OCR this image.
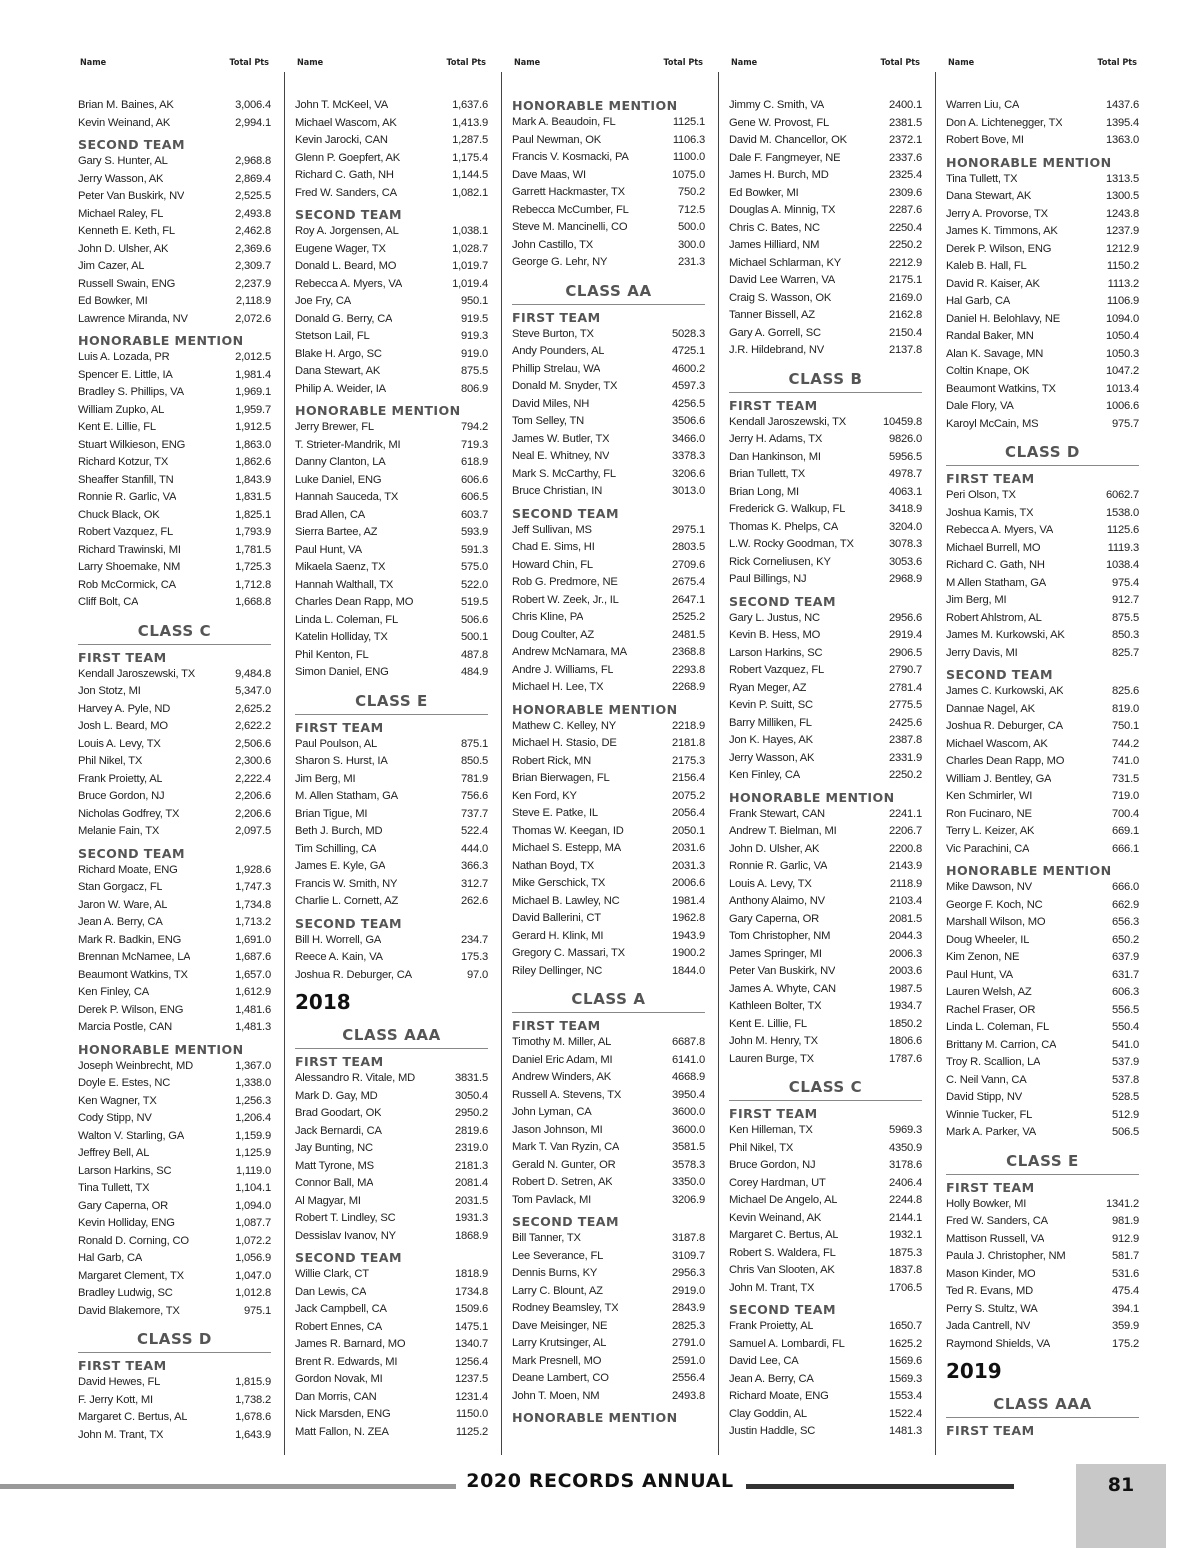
Name	Total Pts
Brian M. Baines, AK	3,006.4
Kevin Weinand, AK	2,994.1
SECOND TEAM
Gary S. Hunter, AL	2,968.8
Jerry Wasson, AK	2,869.4
Peter Van Buskirk, NV	2,525.5
Michael Raley, FL	2,493.8
Kenneth E. Keth, FL	2,462.8
John D. Ulsher, AK	2,369.6
Jim Cazer, AL	2,309.7
Russell Swain, ENG	2,237.9
Ed Bowker, MI	2,118.9
Lawrence Miranda, NV	2,072.6
HONORABLE MENTION
Luis A. Lozada, PR	2,012.5
Spencer E. Little, IA	1,981.4
Bradley S. Phillips, VA	1,969.1
William Zupko, AL	1,959.7
Kent E. Lillie, FL	1,912.5
Stuart Wilkieson, ENG	1,863.0
Richard Kotzur, TX	1,862.6
Sheaffer Stanfill, TN	1,843.9
Ronnie R. Garlic, VA	1,831.5
Chuck Black, OK	1,825.1
Robert Vazquez, FL	1,793.9
Richard Trawinski, MI	1,781.5
Larry Shoemake, NM	1,725.3
Rob McCormick, CA	1,712.8
Cliff Bolt, CA	1,668.8
CLASS C
FIRST TEAM
Kendall Jaroszewski, TX	9,484.8
Jon Stotz, MI	5,347.0
Harvey A. Pyle, ND	2,625.2
Josh L. Beard, MO	2,622.2
Louis A. Levy, TX	2,506.6
Phil Nikel, TX	2,300.6
Frank Proietty, AL	2,222.4
Bruce Gordon, NJ	2,206.6
Nicholas Godfrey, TX	2,206.6
Melanie Fain, TX	2,097.5
SECOND TEAM
Richard Moate, ENG	1,928.6
Stan Gorgacz, FL	1,747.3
Jaron W. Ware, AL	1,734.8
Jean A. Berry, CA	1,713.2
Mark R. Badkin, ENG	1,691.0
Brennan McNamee, LA	1,687.6
Beaumont Watkins, TX	1,657.0
Ken Finley, CA	1,612.9
Derek P. Wilson, ENG	1,481.6
Marcia Postle, CAN	1,481.3
HONORABLE MENTION
Joseph Weinbrecht, MD	1,367.0
Doyle E. Estes, NC	1,338.0
Ken Wagner, TX	1,256.3
Cody Stipp, NV	1,206.4
Walton V. Starling, GA	1,159.9
Jeffrey Bell, AL	1,125.9
Larson Harkins, SC	1,119.0
Tina Tullett, TX	1,104.1
Gary Caperna, OR	1,094.0
Kevin Holliday, ENG	1,087.7
Ronald D. Corning, CO	1,072.2
Hal Garb, CA	1,056.9
Margaret Clement, TX	1,047.0
Bradley Ludwig, SC	1,012.8
David Blakemore, TX	975.1
CLASS D
FIRST TEAM
David Hewes, FL	1,815.9
F. Jerry Kott, MI	1,738.2
Margaret C. Bertus, AL	1,678.6
John M. Trant, TX	1,643.9
Name	Total Pts
John T. McKeel, VA	1,637.6
Michael Wascom, AK	1,413.9
Kevin Jarocki, CAN	1,287.5
Glenn P. Goepfert, AK	1,175.4
Richard C. Gath, NH	1,144.5
Fred W. Sanders, CA	1,082.1
SECOND TEAM
Roy A. Jorgensen, AL	1,038.1
Eugene Wager, TX	1,028.7
Donald L. Beard, MO	1,019.7
Rebecca A. Myers, VA	1,019.4
Joe Fry, CA	950.1
Donald G. Berry, CA	919.5
Stetson Lail, FL	919.3
Blake H. Argo, SC	919.0
Dana Stewart, AK	875.5
Philip A. Weider, IA	806.9
HONORABLE MENTION
Jerry Brewer, FL	794.2
T. Strieter-Mandrik, MI	719.3
Danny Clanton, LA	618.9
Luke Daniel, ENG	606.6
Hannah Sauceda, TX	606.5
Brad Allen, CA	603.7
Sierra Bartee, AZ	593.9
Paul Hunt, VA	591.3
Mikaela Saenz, TX	575.0
Hannah Walthall, TX	522.0
Charles Dean Rapp, MO	519.5
Linda L. Coleman, FL	506.6
Katelin Holliday, TX	500.1
Phil Kenton, FL	487.8
Simon Daniel, ENG	484.9
CLASS E
FIRST TEAM
Paul Poulson, AL	875.1
Sharon S. Hurst, IA	850.5
Jim Berg, MI	781.9
M. Allen Statham, GA	756.6
Brian Tigue, MI	737.7
Beth J. Burch, MD	522.4
Tim Schilling, CA	444.0
James E. Kyle, GA	366.3
Francis W. Smith, NY	312.7
Charlie L. Cornett, AZ	262.6
SECOND TEAM
Bill H. Worrell, GA	234.7
Reece A. Kain, VA	175.3
Joshua R. Deburger, CA	97.0
2018
CLASS AAA
FIRST TEAM
Alessandro R. Vitale, MD	3831.5
Mark D. Gay, MD	3050.4
Brad Goodart, OK	2950.2
Jack Bernardi, CA	2819.6
Jay Bunting, NC	2319.0
Matt Tyrone, MS	2181.3
Connor Ball, MA	2081.4
Al Magyar, MI	2031.5
Robert T. Lindley, SC	1931.3
Dessislav Ivanov, NY	1868.9
SECOND TEAM
Willie Clark, CT	1818.9
Dan Lewis, CA	1734.8
Jack Campbell, CA	1509.6
Robert Ennes, CA	1475.1
James R. Barnard, MO	1340.7
Brent R. Edwards, MI	1256.4
Gordon Novak, MI	1237.5
Dan Morris, CAN	1231.4
Nick Marsden, ENG	1150.0
Matt Fallon, N. ZEA	1125.2
Name	Total Pts
HONORABLE MENTION
Mark A. Beaudoin, FL	1125.1
Paul Newman, OK	1106.3
Francis V. Kosmacki, PA	1100.0
Dave Maas, WI	1075.0
Garrett Hackmaster, TX	750.2
Rebecca McCumber, FL	712.5
Steve M. Mancinelli, CO	500.0
John Castillo, TX	300.0
George G. Lehr, NY	231.3
CLASS AA
FIRST TEAM
Steve Burton, TX	5028.3
Andy Pounders, AL	4725.1
Phillip Strelau, WA	4600.2
Donald M. Snyder, TX	4597.3
David Miles, NH	4256.5
Tom Selley, TN	3506.6
James W. Butler, TX	3466.0
Neal E. Whitney, NV	3378.3
Mark S. McCarthy, FL	3206.6
Bruce Christian, IN	3013.0
SECOND TEAM
Jeff Sullivan, MS	2975.1
Chad E. Sims, HI	2803.5
Howard Chin, FL	2709.6
Rob G. Predmore, NE	2675.4
Robert W. Zeek, Jr., IL	2647.1
Chris Kline, PA	2525.2
Doug Coulter, AZ	2481.5
Andrew McNamara, MA	2368.8
Andre J. Williams, FL	2293.8
Michael H. Lee, TX	2268.9
HONORABLE MENTION
Mathew C. Kelley, NY	2218.9
Michael H. Stasio, DE	2181.8
Robert Rick, MN	2175.3
Brian Bierwagen, FL	2156.4
Ken Ford, KY	2075.2
Steve E. Patke, IL	2056.4
Thomas W. Keegan, ID	2050.1
Michael S. Estepp, MA	2031.6
Nathan Boyd, TX	2031.3
Mike Gerschick, TX	2006.6
Michael B. Lawley, NC	1981.4
David Ballerini, CT	1962.8
Gerard H. Klink, MI	1943.9
Gregory C. Massari, TX	1900.2
Riley Dellinger, NC	1844.0
CLASS A
FIRST TEAM
Timothy M. Miller, AL	6687.8
Daniel Eric Adam, MI	6141.0
Andrew Winders, AK	4668.9
Russell A. Stevens, TX	3950.4
John Lyman, CA	3600.0
Jason Johnson, MI	3600.0
Mark T. Van Ryzin, CA	3581.5
Gerald N. Gunter, OR	3578.3
Robert D. Setren, AK	3350.0
Tom Pavlack, MI	3206.9
SECOND TEAM
Bill Tanner, TX	3187.8
Lee Severance, FL	3109.7
Dennis Burns, KY	2956.3
Larry C. Blount, AZ	2919.0
Rodney Beamsley, TX	2843.9
Dave Meisinger, NE	2825.3
Larry Krutsinger, AL	2791.0
Mark Presnell, MO	2591.0
Deane Lambert, CO	2556.4
John T. Moen, NM	2493.8
HONORABLE MENTION
Name	Total Pts
Jimmy C. Smith, VA	2400.1
Gene W. Provost, FL	2381.5
David M. Chancellor, OK	2372.1
Dale F. Fangmeyer, NE	2337.6
James H. Burch, MD	2325.4
Ed Bowker, MI	2309.6
Douglas A. Minnig, TX	2287.6
Chris C. Bates, NC	2250.4
James Hilliard, NM	2250.2
Michael Schlarman, KY	2212.9
David Lee Warren, VA	2175.1
Craig S. Wasson, OK	2169.0
Tanner Bissell, AZ	2162.8
Gary A. Gorrell, SC	2150.4
J.R. Hildebrand, NV	2137.8
CLASS B
FIRST TEAM
Kendall Jaroszewski, TX	10459.8
Jerry H. Adams, TX	9826.0
Dan Hankinson, MI	5956.5
Brian Tullett, TX	4978.7
Brian Long, MI	4063.1
Frederick G. Walkup, FL	3418.9
Thomas K. Phelps, CA	3204.0
L.W. Rocky Goodman, TX	3078.3
Rick Corneliusen, KY	3053.6
Paul Billings, NJ	2968.9
SECOND TEAM
Gary L. Justus, NC	2956.6
Kevin B. Hess, MO	2919.4
Larson Harkins, SC	2906.5
Robert Vazquez, FL	2790.7
Ryan Meger, AZ	2781.4
Kevin P. Suitt, SC	2775.5
Barry Milliken, FL	2425.6
Jon K. Hayes, AK	2387.8
Jerry Wasson, AK	2331.9
Ken Finley, CA	2250.2
HONORABLE MENTION
Frank Stewart, CAN	2241.1
Andrew T. Bielman, MI	2206.7
John D. Ulsher, AK	2200.8
Ronnie R. Garlic, VA	2143.9
Louis A. Levy, TX	2118.9
Anthony Alaimo, NV	2103.4
Gary Caperna, OR	2081.5
Tom Christopher, NM	2044.3
James Springer, MI	2006.3
Peter Van Buskirk, NV	2003.6
James A. Whyte, CAN	1987.5
Kathleen Bolter, TX	1934.7
Kent E. Lillie, FL	1850.2
John M. Henry, TX	1806.6
Lauren Burge, TX	1787.6
CLASS C
FIRST TEAM
Ken Hilleman, TX	5969.3
Phil Nikel, TX	4350.9
Bruce Gordon, NJ	3178.6
Corey Hardman, UT	2406.4
Michael De Angelo, AL	2244.8
Kevin Weinand, AK	2144.1
Margaret C. Bertus, AL	1932.1
Robert S. Waldera, FL	1875.3
Chris Van Slooten, AK	1837.8
John M. Trant, TX	1706.5
SECOND TEAM
Frank Proietty, AL	1650.7
Samuel A. Lombardi, FL	1625.2
David Lee, CA	1569.6
Jean A. Berry, CA	1569.3
Richard Moate, ENG	1553.4
Clay Goddin, AL	1522.4
Justin Haddle, SC	1481.3
Name	Total Pts
Warren Liu, CA	1437.6
Don A. Lichtenegger, TX	1395.4
Robert Bove, MI	1363.0
HONORABLE MENTION
Tina Tullett, TX	1313.5
Dana Stewart, AK	1300.5
Jerry A. Provorse, TX	1243.8
James K. Timmons, AK	1237.9
Derek P. Wilson, ENG	1212.9
Kaleb B. Hall, FL	1150.2
David R. Kaiser, AK	1113.2
Hal Garb, CA	1106.9
Daniel H. Belohlavy, NE	1094.0
Randal Baker, MN	1050.4
Alan K. Savage, MN	1050.3
Coltin Knape, OK	1047.2
Beaumont Watkins, TX	1013.4
Dale Flory, VA	1006.6
Karoyl McCain, MS	975.7
CLASS D
FIRST TEAM
Peri Olson, TX	6062.7
Joshua Kamis, TX	1538.0
Rebecca A. Myers, VA	1125.6
Michael Burrell, MO	1119.3
Richard C. Gath, NH	1038.4
M Allen Statham, GA	975.4
Jim Berg, MI	912.7
Robert Ahlstrom, AL	875.5
James M. Kurkowski, AK	850.3
Jerry Davis, MI	825.7
SECOND TEAM
James C. Kurkowski, AK	825.6
Dannae Nagel, AK	819.0
Joshua R. Deburger, CA	750.1
Michael Wascom, AK	744.2
Charles Dean Rapp, MO	741.0
William J. Bentley, GA	731.5
Ken Schmirler, WI	719.0
Ron Fucinaro, NE	700.4
Terry L. Keizer, AK	669.1
Vic Parachini, CA	666.1
HONORABLE MENTION
Mike Dawson, NV	666.0
George F. Koch, NC	662.9
Marshall Wilson, MO	656.3
Doug Wheeler, IL	650.2
Kim Zenon, NE	637.9
Paul Hunt, VA	631.7
Lauren Welsh, AZ	606.3
Rachel Fraser, OR	556.5
Linda L. Coleman, FL	550.4
Brittany M. Carrion, CA	541.0
Troy R. Scallion, LA	537.9
C. Neil Vann, CA	537.8
David Stipp, NV	528.5
Winnie Tucker, FL	512.9
Mark A. Parker, VA	506.5
CLASS E
FIRST TEAM
Holly Bowker, MI	1341.2
Fred W. Sanders, CA	981.9
Mattison Russell, VA	912.9
Paula J. Christopher, NM	581.7
Mason Kinder, MO	531.6
Ted R. Evans, MD	475.4
Perry S. Stultz, WA	394.1
Jada Cantrell, NV	359.9
Raymond Shields, VA	175.2
2019
CLASS AAA
FIRST TEAM
2020 RECORDS ANNUAL	81
